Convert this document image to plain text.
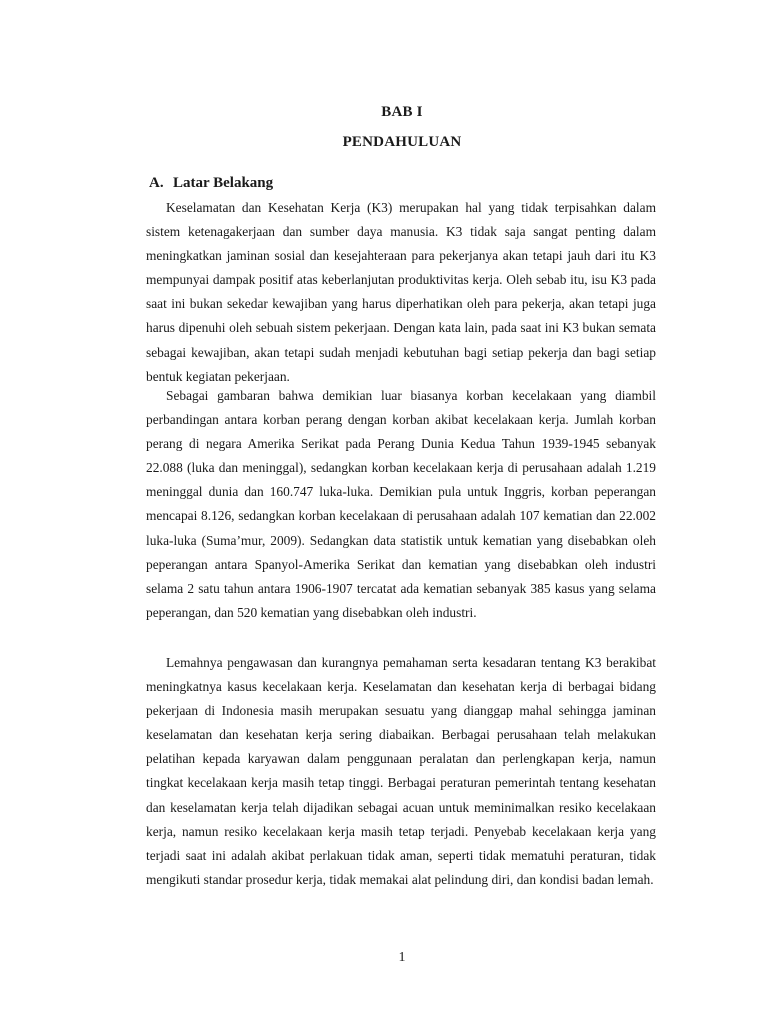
BAB I
PENDAHULUAN
A. Latar Belakang

Keselamatan dan Kesehatan Kerja (K3) merupakan hal yang tidak terpisahkan dalam sistem ketenagakerjaan dan sumber daya manusia. K3 tidak saja sangat penting dalam meningkatkan jaminan sosial dan kesejahteraan para pekerjanya akan tetapi jauh dari itu K3 mempunyai dampak positif atas keberlanjutan produktivitas kerja. Oleh sebab itu, isu K3 pada saat ini bukan sekedar kewajiban yang harus diperhatikan oleh para pekerja, akan tetapi juga harus dipenuhi oleh sebuah sistem pekerjaan. Dengan kata lain, pada saat ini K3 bukan semata sebagai kewajiban, akan tetapi sudah menjadi kebutuhan bagi setiap pekerja dan bagi setiap bentuk kegiatan pekerjaan.

Sebagai gambaran bahwa demikian luar biasanya korban kecelakaan yang diambil perbandingan antara korban perang dengan korban akibat kecelakaan kerja. Jumlah korban perang di negara Amerika Serikat pada Perang Dunia Kedua Tahun 1939-1945 sebanyak 22.088 (luka dan meninggal), sedangkan korban kecelakaan kerja di perusahaan adalah 1.219 meninggal dunia dan 160.747 luka-luka. Demikian pula untuk Inggris, korban peperangan mencapai 8.126, sedangkan korban kecelakaan di perusahaan adalah 107 kematian dan 22.002 luka-luka (Suma’mur, 2009). Sedangkan data statistik untuk kematian yang disebabkan oleh peperangan antara Spanyol-Amerika Serikat dan kematian yang disebabkan oleh industri selama 2 satu tahun antara 1906-1907 tercatat ada kematian sebanyak 385 kasus yang selama peperangan, dan 520 kematian yang disebabkan oleh industri.

Lemahnya pengawasan dan kurangnya pemahaman serta kesadaran tentang K3 berakibat meningkatnya kasus kecelakaan kerja. Keselamatan dan kesehatan kerja di berbagai bidang pekerjaan di Indonesia masih merupakan sesuatu yang dianggap mahal sehingga jaminan keselamatan dan kesehatan kerja sering diabaikan. Berbagai perusahaan telah melakukan pelatihan kepada karyawan dalam penggunaan peralatan dan perlengkapan kerja, namun tingkat kecelakaan kerja masih tetap tinggi. Berbagai peraturan pemerintah tentang kesehatan dan keselamatan kerja telah dijadikan sebagai acuan untuk meminimalkan resiko kecelakaan kerja, namun resiko kecelakaan kerja masih tetap terjadi. Penyebab kecelakaan kerja yang terjadi saat ini adalah akibat perlakuan tidak aman, seperti tidak mematuhi peraturan, tidak mengikuti standar prosedur kerja, tidak memakai alat pelindung diri, dan kondisi badan lemah.

1
